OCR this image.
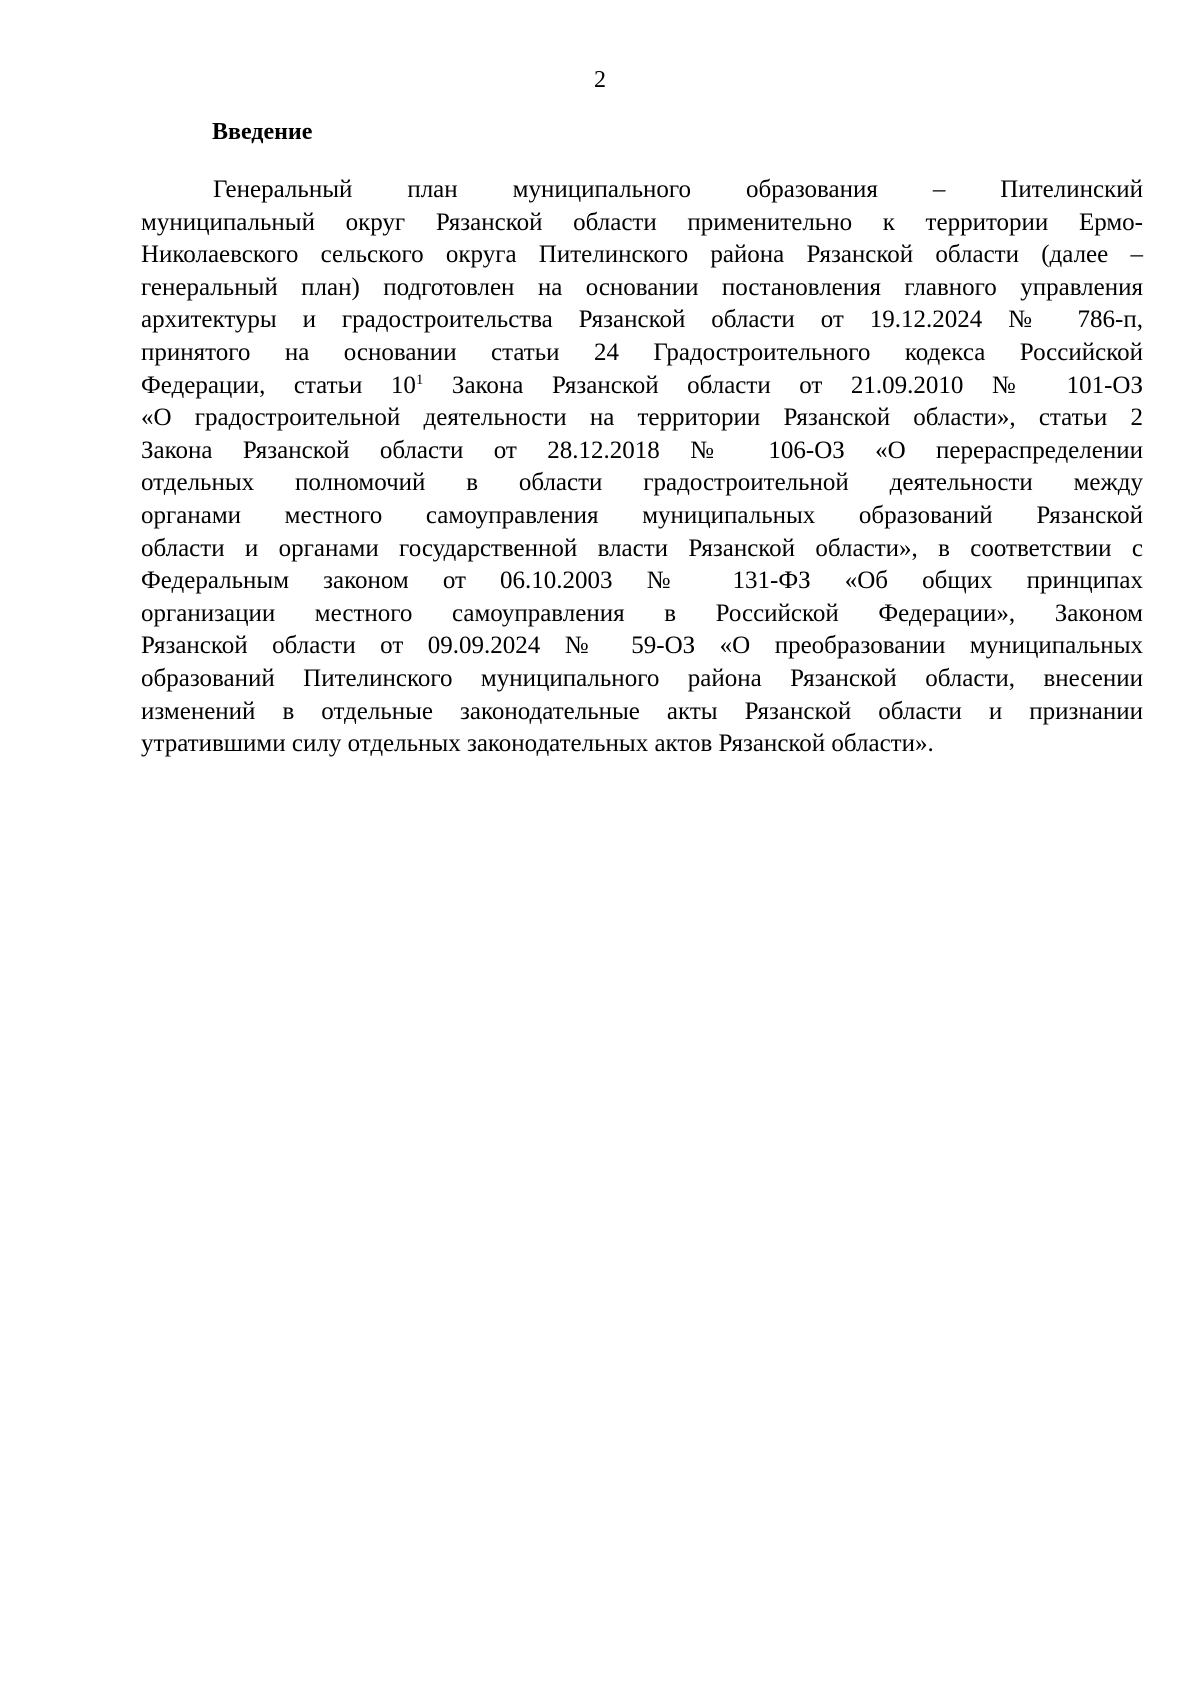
2
Введение
Генеральный план муниципального образования – Пителинский
муниципальный округ Рязанской области применительно к территории Ермо-
Николаевского сельского округа Пителинского района Рязанской области (далее –
генеральный план) подготовлен на основании постановления главного управления
архитектуры и градостроительства Рязанской области от 19.12.2024 № 786-п,
принятого на основании статьи 24 Градостроительного кодекса Российской
Федерации, статьи $10^1$ Закона Рязанской области от 21.09.2010 № 101-ОЗ
«О градостроительной деятельности на территории Рязанской области», статьи 2
Закона Рязанской области от 28.12.2018 № 106-ОЗ «О перераспределении
отдельных полномочий в области градостроительной деятельности между
органами местного самоуправления муниципальных образований Рязанской
области и органами государственной власти Рязанской области», в соответствии с
Федеральным законом от 06.10.2003 № 131-ФЗ «Об общих принципах
организации местного самоуправления в Российской Федерации», Законом
Рязанской области от 09.09.2024 № 59-ОЗ «О преобразовании муниципальных
образований Пителинского муниципального района Рязанской области, внесении
изменений в отдельные законодательные акты Рязанской области и признании
утратившими силу отдельных законодательных актов Рязанской области».
